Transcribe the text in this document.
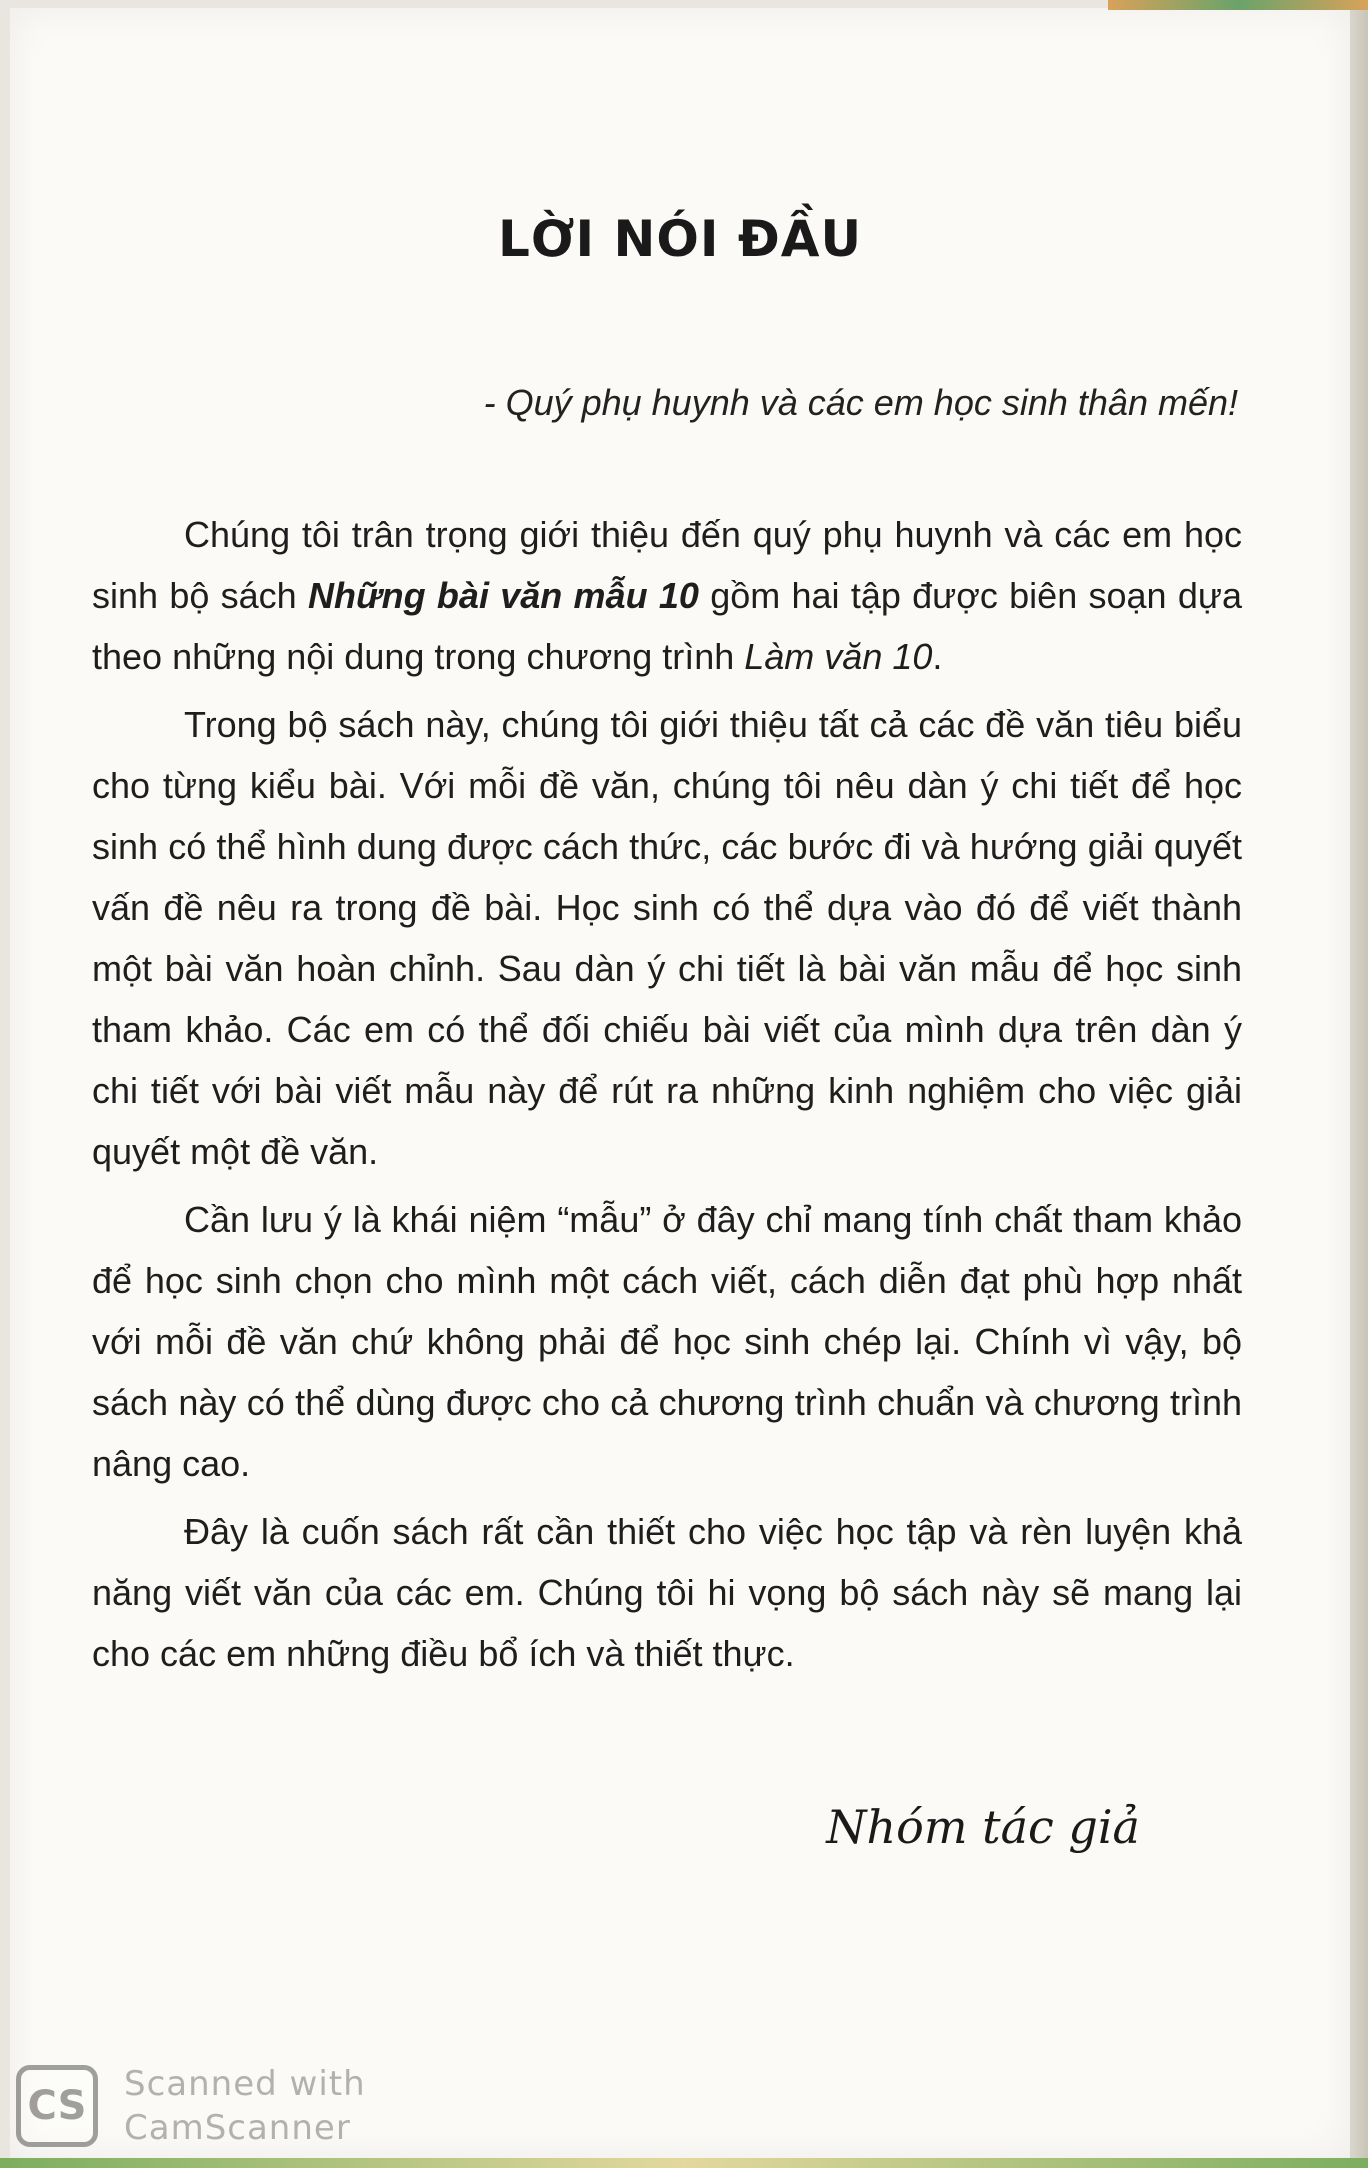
LỜI NÓI ĐẦU
- Quý phụ huynh và các em học sinh thân mến!

Chúng tôi trân trọng giới thiệu đến quý phụ huynh và các em học sinh bộ sách Những bài văn mẫu 10 gồm hai tập được biên soạn dựa theo những nội dung trong chương trình Làm văn 10.

Trong bộ sách này, chúng tôi giới thiệu tất cả các đề văn tiêu biểu cho từng kiểu bài. Với mỗi đề văn, chúng tôi nêu dàn ý chi tiết để học sinh có thể hình dung được cách thức, các bước đi và hướng giải quyết vấn đề nêu ra trong đề bài. Học sinh có thể dựa vào đó để viết thành một bài văn hoàn chỉnh. Sau dàn ý chi tiết là bài văn mẫu để học sinh tham khảo. Các em có thể đối chiếu bài viết của mình dựa trên dàn ý chi tiết với bài viết mẫu này để rút ra những kinh nghiệm cho việc giải quyết một đề văn.

Cần lưu ý là khái niệm “mẫu” ở đây chỉ mang tính chất tham khảo để học sinh chọn cho mình một cách viết, cách diễn đạt phù hợp nhất với mỗi đề văn chứ không phải để học sinh chép lại. Chính vì vậy, bộ sách này có thể dùng được cho cả chương trình chuẩn và chương trình nâng cao.

Đây là cuốn sách rất cần thiết cho việc học tập và rèn luyện khả năng viết văn của các em. Chúng tôi hi vọng bộ sách này sẽ mang lại cho các em những điều bổ ích và thiết thực.

Nhóm tác giả
CS	Scanned with
CamScanner
